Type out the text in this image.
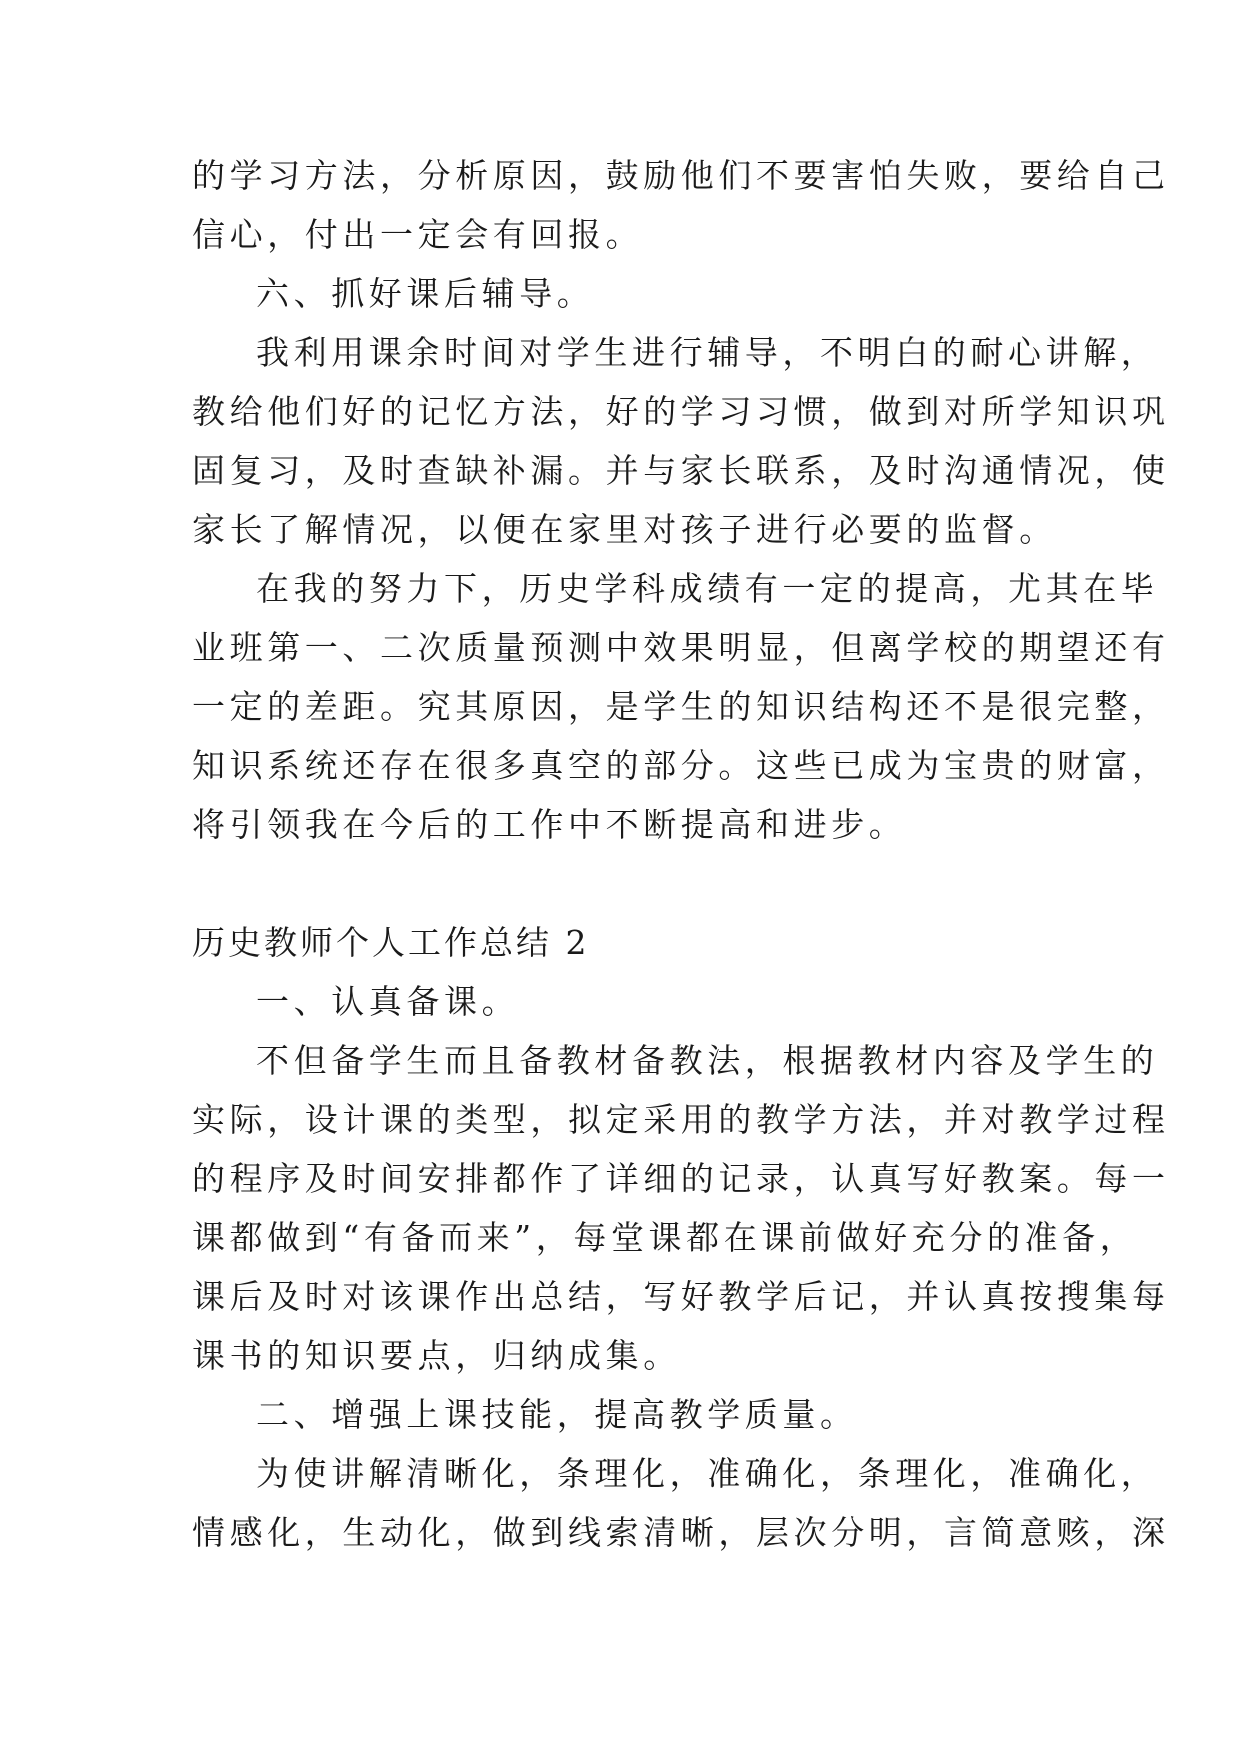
的学习方法，分析原因，鼓励他们不要害怕失败，要给自己
信心，付出一定会有回报。
六、抓好课后辅导。
我利用课余时间对学生进行辅导，不明白的耐心讲解，
教给他们好的记忆方法，好的学习习惯，做到对所学知识巩
固复习，及时查缺补漏。并与家长联系，及时沟通情况，使
家长了解情况，以便在家里对孩子进行必要的监督。
在我的努力下，历史学科成绩有一定的提高，尤其在毕
业班第一、二次质量预测中效果明显，但离学校的期望还有
一定的差距。究其原因，是学生的知识结构还不是很完整，
知识系统还存在很多真空的部分。这些已成为宝贵的财富，
将引领我在今后的工作中不断提高和进步。
历史教师个人工作总结 2
一、认真备课。
不但备学生而且备教材备教法，根据教材内容及学生的
实际，设计课的类型，拟定采用的教学方法，并对教学过程
的程序及时间安排都作了详细的记录，认真写好教案。每一
课都做到“有备而来”，每堂课都在课前做好充分的准备，
课后及时对该课作出总结，写好教学后记，并认真按搜集每
课书的知识要点，归纳成集。
二、增强上课技能，提高教学质量。
为使讲解清晰化，条理化，准确化，条理化，准确化，
情感化，生动化，做到线索清晰，层次分明，言简意赅，深
